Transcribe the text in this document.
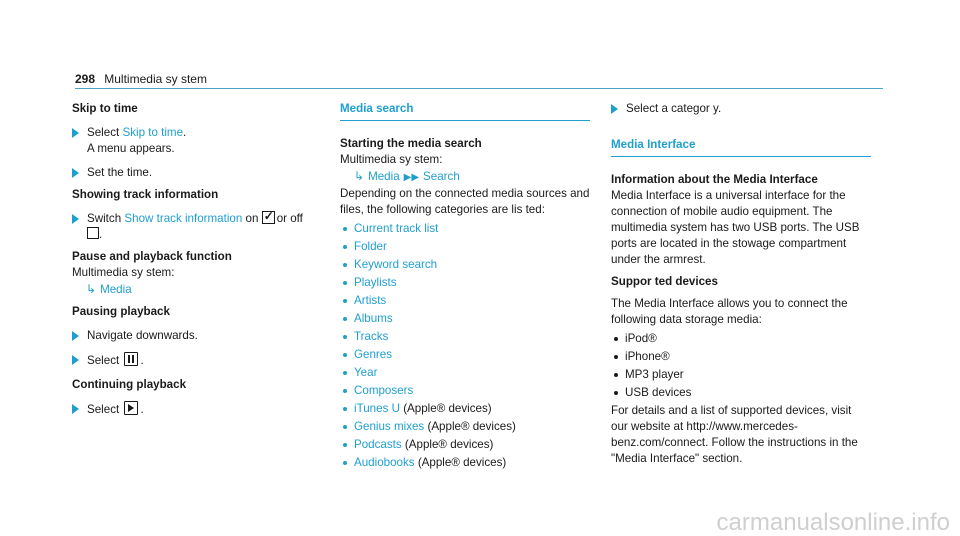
298 Multimedia sy stem
Skip to time
Select Skip to time.
A menu appears.
Set the time.
Showing track information
Switch Show track information on ✓ or off
.
Pause and playback function
Multimedia sy stem:
↳ Media
Pausing playback
Navigate downwards.
Select .
Continuing playback
Select .
Media search
Starting the media search
Multimedia sy stem:
↳ Media ▶▶ Search
Depending on the connected media sources and files, the following categories are lis ted:
Current track list
Folder
Keyword search
Playlists
Artists
Albums
Tracks
Genres
Year
Composers
iTunes U (Apple® devices)
Genius mixes (Apple® devices)
Podcasts (Apple® devices)
Audiobooks (Apple® devices)
Select a categor y.
Media Interface
Information about the Media Interface
Media Interface is a universal interface for the connection of mobile audio equipment. The multimedia system has two USB ports. The USB ports are located in the stowage compartment under the armrest.
Suppor ted devices
The Media Interface allows you to connect the following data storage media:
iPod®
iPhone®
MP3 player
USB devices
For details and a list of supported devices, visit our website at http://www.mercedes-benz.com/connect. Follow the instructions in the "Media Interface" section.
carmanualsonline.info
